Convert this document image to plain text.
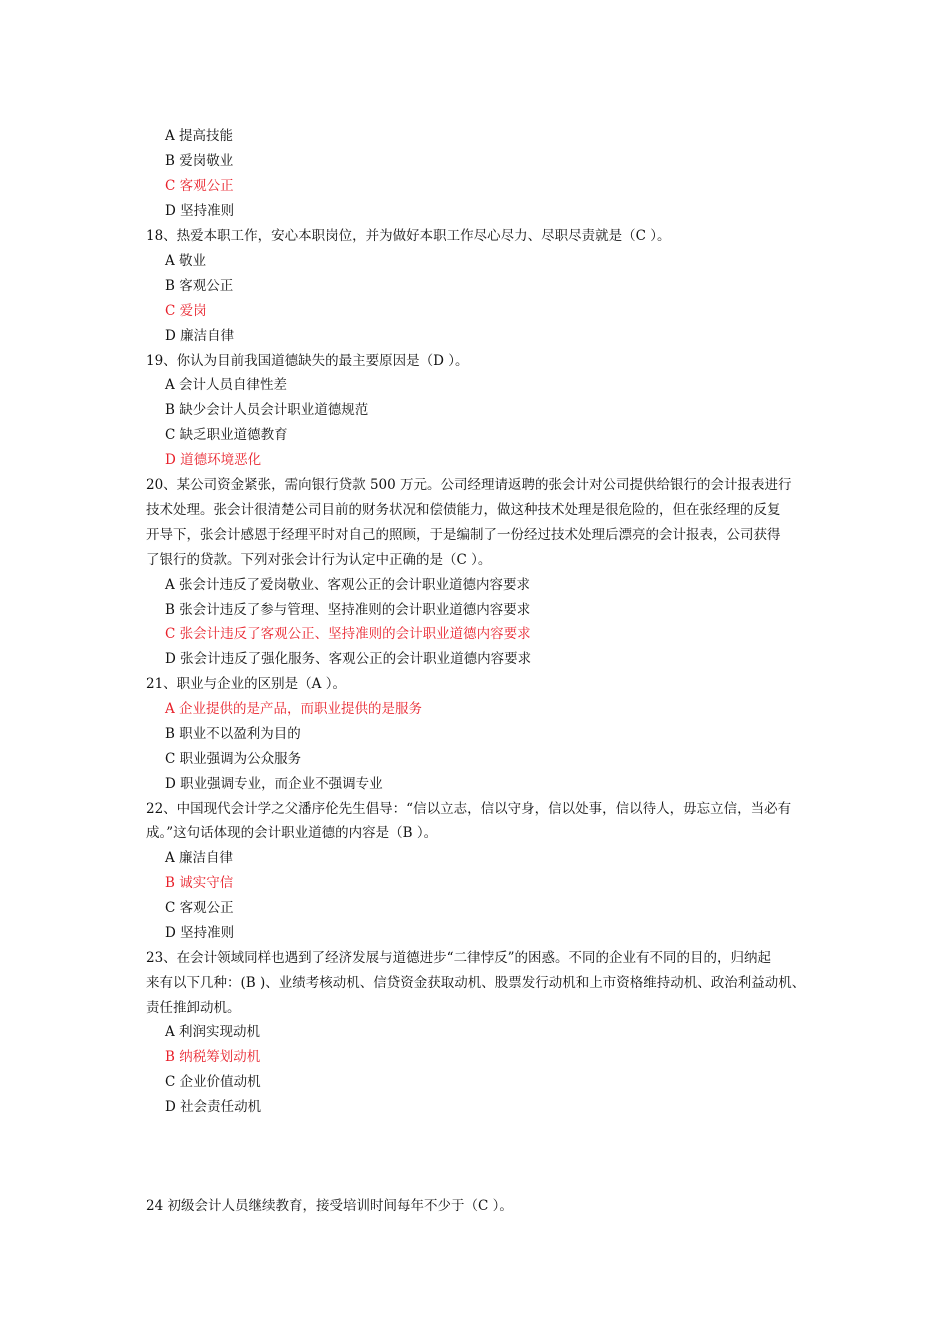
A 提高技能
B 爱岗敬业
C 客观公正
D 坚持准则
18、热爱本职工作，安心本职岗位，并为做好本职工作尽心尽力、尽职尽责就是（C ）。
A 敬业
B 客观公正
C 爱岗
D 廉洁自律
19、你认为目前我国道德缺失的最主要原因是（D ）。
A 会计人员自律性差
B 缺少会计人员会计职业道德规范
C 缺乏职业道德教育
D 道德环境恶化
20、某公司资金紧张，需向银行贷款 500 万元。公司经理请返聘的张会计对公司提供给银行的会计报表进行
技术处理。张会计很清楚公司目前的财务状况和偿债能力，做这种技术处理是很危险的，但在张经理的反复
开导下，张会计感恩于经理平时对自己的照顾，于是编制了一份经过技术处理后漂亮的会计报表，公司获得
了银行的贷款。下列对张会计行为认定中正确的是（C ）。
A 张会计违反了爱岗敬业、客观公正的会计职业道德内容要求
B 张会计违反了参与管理、坚持准则的会计职业道德内容要求
C 张会计违反了客观公正、坚持准则的会计职业道德内容要求
D 张会计违反了强化服务、客观公正的会计职业道德内容要求
21、职业与企业的区别是（A ）。
A 企业提供的是产品，而职业提供的是服务
B 职业不以盈利为目的
C 职业强调为公众服务
D 职业强调专业，而企业不强调专业
22、中国现代会计学之父潘序伦先生倡导：“信以立志，信以守身，信以处事，信以待人，毋忘立信，当必有
成。”这句话体现的会计职业道德的内容是（B ）。
A 廉洁自律
B 诚实守信
C 客观公正
D 坚持准则
23、在会计领域同样也遇到了经济发展与道德进步“二律悖反”的困惑。不同的企业有不同的目的，归纳起
来有以下几种：(B )、业绩考核动机、信贷资金获取动机、股票发行动机和上市资格维持动机、政治利益动机、
责任推卸动机。
A 利润实现动机
B 纳税筹划动机
C 企业价值动机
D 社会责任动机
24 初级会计人员继续教育，接受培训时间每年不少于（C ）。
